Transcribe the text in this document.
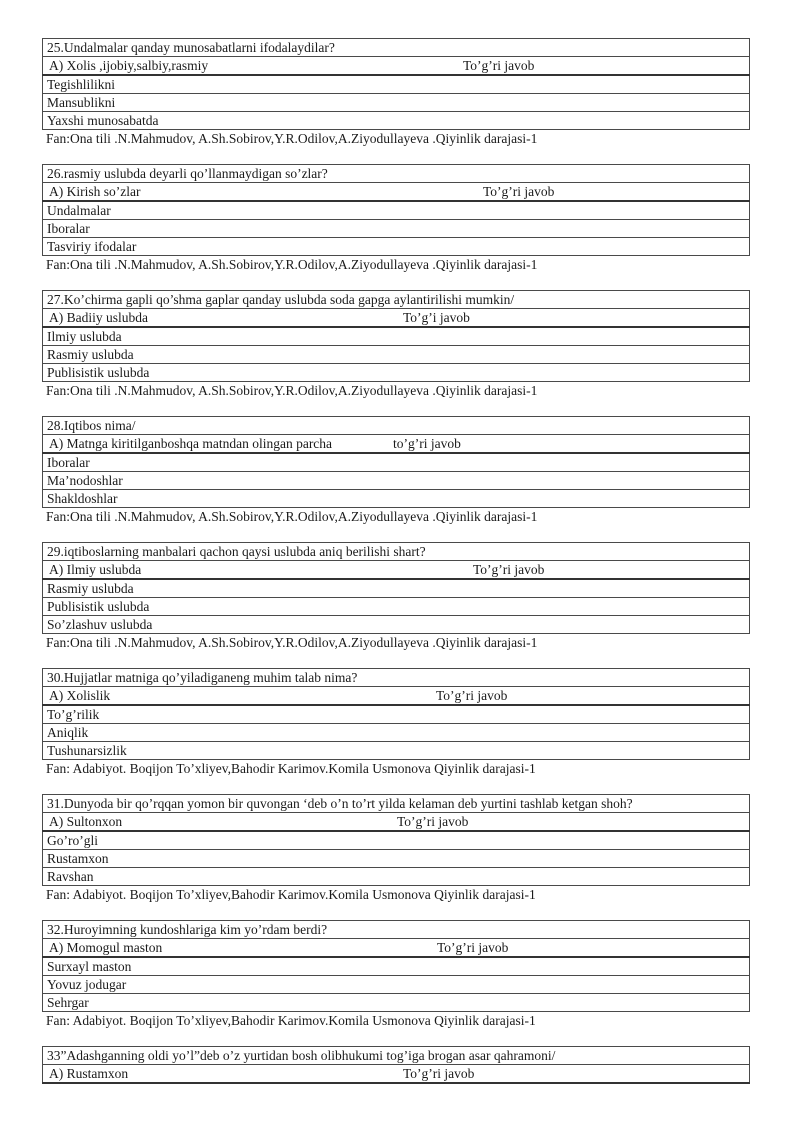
25.Undalmalar qanday munosabatlarni ifodalaydilar?
A) Xolis ,ijobiy,salbiy,rasmiy	To’g’ri javob
Tegishlilikni
Mansublikni
Yaxshi munosabatda
Fan:Ona tili .N.Mahmudov, A.Sh.Sobirov,Y.R.Odilov,A.Ziyodullayeva .Qiyinlik darajasi-1
26.rasmiy uslubda deyarli qo’llanmaydigan so’zlar?
A) Kirish so’zlar	To’g’ri javob
Undalmalar
Iboralar
Tasviriy ifodalar
Fan:Ona tili .N.Mahmudov, A.Sh.Sobirov,Y.R.Odilov,A.Ziyodullayeva .Qiyinlik darajasi-1
27.Ko’chirma gapli qo’shma gaplar qanday uslubda soda gapga aylantirilishi mumkin/
A) Badiiy uslubda	To’g’i javob
Ilmiy uslubda
Rasmiy uslubda
Publisistik uslubda
Fan:Ona tili .N.Mahmudov, A.Sh.Sobirov,Y.R.Odilov,A.Ziyodullayeva .Qiyinlik darajasi-1
28.Iqtibos nima/
A) Matnga kiritilganboshqa matndan olingan parcha	to’g’ri javob
Iboralar
Ma’nodoshlar
Shakldoshlar
Fan:Ona tili .N.Mahmudov, A.Sh.Sobirov,Y.R.Odilov,A.Ziyodullayeva .Qiyinlik darajasi-1
29.iqtiboslarning manbalari qachon qaysi uslubda aniq berilishi shart?
A) Ilmiy uslubda	To’g’ri javob
Rasmiy uslubda
Publisistik uslubda
So’zlashuv uslubda
Fan:Ona tili .N.Mahmudov, A.Sh.Sobirov,Y.R.Odilov,A.Ziyodullayeva .Qiyinlik darajasi-1
30.Hujjatlar matniga qo’yiladiganeng muhim talab nima?
A) Xolislik	To’g’ri javob
To’g’rilik
Aniqlik
Tushunarsizlik
Fan: Adabiyot. Boqijon To’xliyev,Bahodir Karimov.Komila Usmonova Qiyinlik darajasi-1
31.Dunyoda bir qo’rqqan yomon bir quvongan ‘deb o’n to’rt yilda kelaman deb yurtini tashlab ketgan shoh?
A) Sultonxon	To’g’ri javob
Go’ro’gli
Rustamxon
Ravshan
Fan: Adabiyot. Boqijon To’xliyev,Bahodir Karimov.Komila Usmonova Qiyinlik darajasi-1
32.Huroyimning kundoshlariga kim yo’rdam berdi?
A) Momogul maston	To’g’ri javob
Surxayl maston
Yovuz jodugar
Sehrgar
Fan: Adabiyot. Boqijon To’xliyev,Bahodir Karimov.Komila Usmonova Qiyinlik darajasi-1
33”Adashganning oldi yo’l”deb o’z yurtidan bosh olibhukumi tog’iga brogan asar qahramoni/
A) Rustamxon	To’g’ri javob
